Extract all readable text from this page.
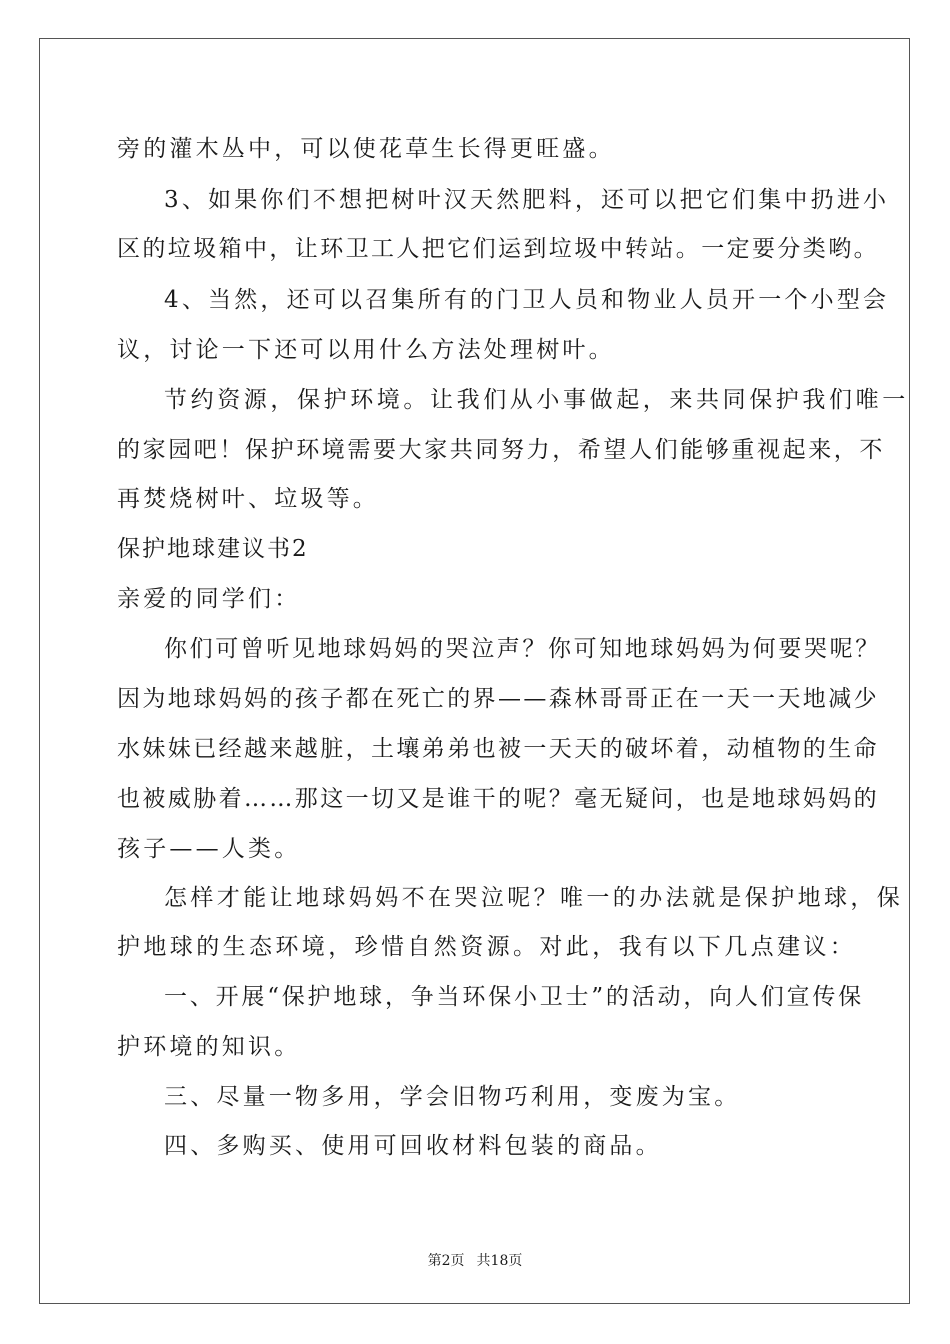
旁的灌木丛中，可以使花草生长得更旺盛。
3、如果你们不想把树叶汉天然肥料，还可以把它们集中扔进小
区的垃圾箱中，让环卫工人把它们运到垃圾中转站。一定要分类哟。
4、当然，还可以召集所有的门卫人员和物业人员开一个小型会
议，讨论一下还可以用什么方法处理树叶。
节约资源，保护环境。让我们从小事做起，来共同保护我们唯一
的家园吧！保护环境需要大家共同努力，希望人们能够重视起来，不
再焚烧树叶、垃圾等。
保护地球建议书2
亲爱的同学们：
你们可曾听见地球妈妈的哭泣声？你可知地球妈妈为何要哭呢？
因为地球妈妈的孩子都在死亡的界——森林哥哥正在一天一天地减少
水妹妹已经越来越脏，土壤弟弟也被一天天的破坏着，动植物的生命
也被威胁着……那这一切又是谁干的呢？毫无疑问，也是地球妈妈的
孩子——人类。
怎样才能让地球妈妈不在哭泣呢？唯一的办法就是保护地球，保
护地球的生态环境，珍惜自然资源。对此，我有以下几点建议：
一、开展“保护地球，争当环保小卫士”的活动，向人们宣传保
护环境的知识。
三、尽量一物多用，学会旧物巧利用，变废为宝。
四、多购买、使用可回收材料包装的商品。
第2页 共18页
